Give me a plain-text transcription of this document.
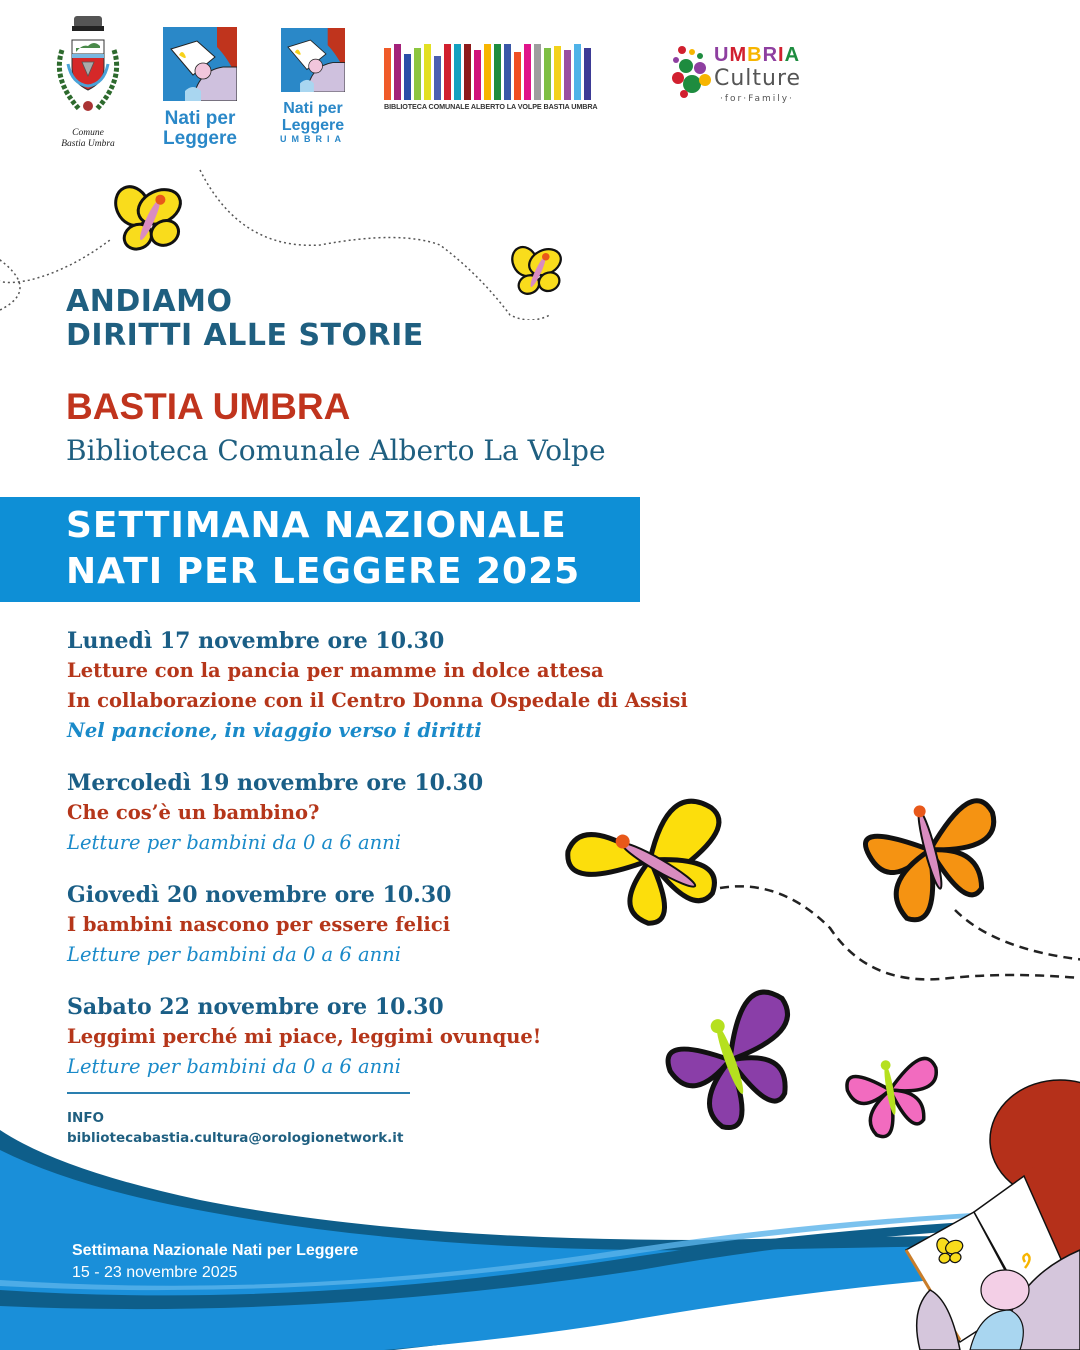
Comune
Bastia Umbra
Nati per
Leggere
Nati per
Leggere
UMBRIA
BIBLIOTECA COMUNALE ALBERTO LA VOLPE BASTIA UMBRA
UMBRIA
Culture
·for·Family·
ANDIAMO
DIRITTI ALLE STORIE
BASTIA UMBRA
Biblioteca Comunale Alberto La Volpe
SETTIMANA NAZIONALE
NATI PER LEGGERE 2025
Lunedì 17 novembre ore 10.30
Letture con la pancia per mamme in dolce attesa
In collaborazione con il Centro Donna Ospedale di Assisi
Nel pancione, in viaggio verso i diritti
Mercoledì 19 novembre ore 10.30
Che cos’è un bambino?
Letture per bambini da 0 a 6 anni
Giovedì 20 novembre ore 10.30
I bambini nascono per essere felici
Letture per bambini da 0 a 6 anni
Sabato 22 novembre ore 10.30
Leggimi perché mi piace, leggimi ovunque!
Letture per bambini da 0 a 6 anni
INFO
bibliotecabastia.cultura@orologionetwork.it
Settimana Nazionale Nati per Leggere
15 - 23 novembre 2025
